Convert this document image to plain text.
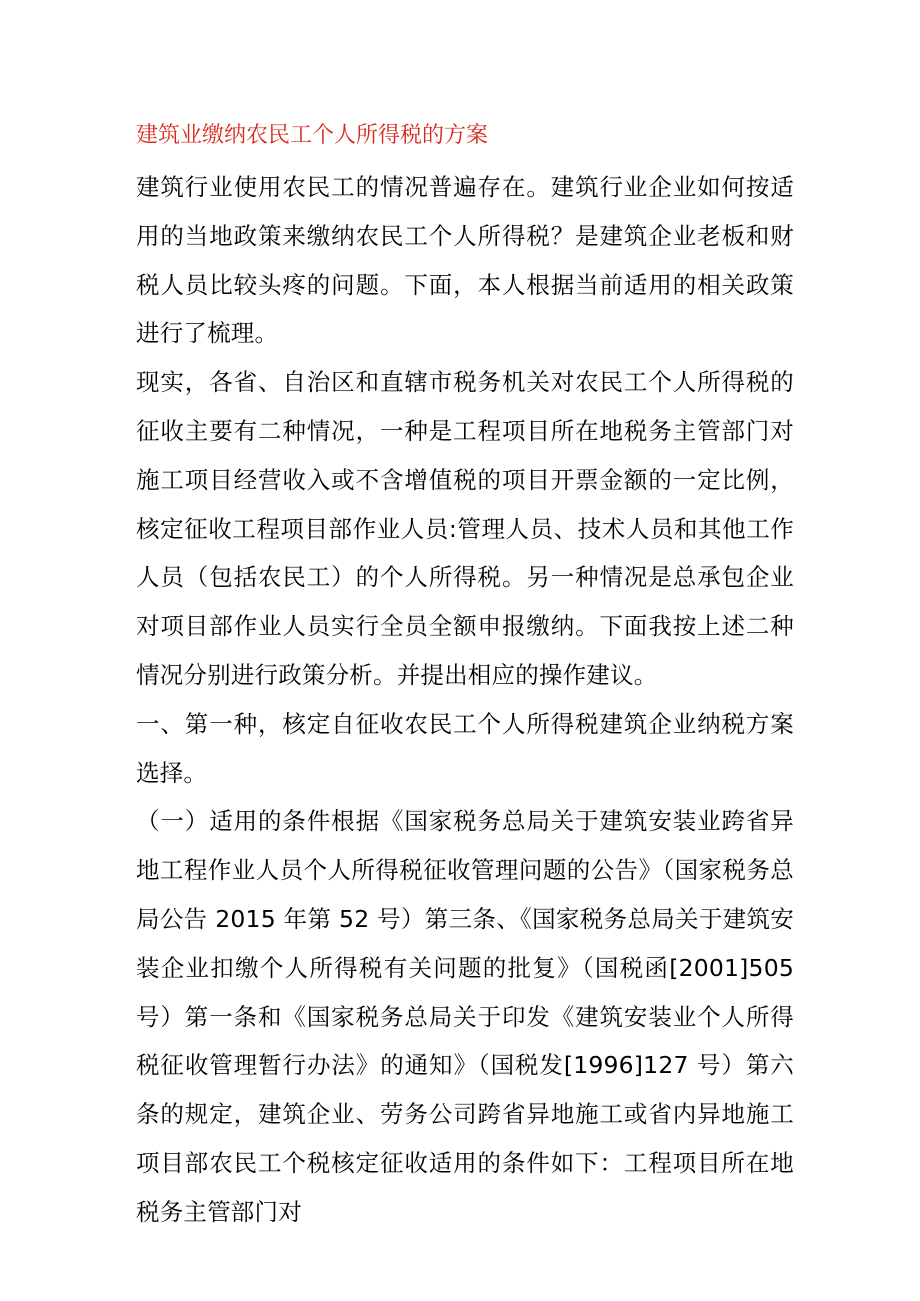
建筑业缴纳农民工个人所得税的方案

建筑行业使用农民工的情况普遍存在。建筑行业企业如何按适用的当地政策来缴纳农民工个人所得税？是建筑企业老板和财税人员比较头疼的问题。下面，本人根据当前适用的相关政策进行了梳理。

现实，各省、自治区和直辖市税务机关对农民工个人所得税的征收主要有二种情况，一种是工程项目所在地税务主管部门对施工项目经营收入或不含增值税的项目开票金额的一定比例，核定征收工程项目部作业人员:管理人员、技术人员和其他工作人员（包括农民工）的个人所得税。另一种情况是总承包企业对项目部作业人员实行全员全额申报缴纳。下面我按上述二种情况分别进行政策分析。并提出相应的操作建议。

一、第一种，核定自征收农民工个人所得税建筑企业纳税方案选择。

（一）适用的条件根据《国家税务总局关于建筑安装业跨省异地工程作业人员个人所得税征收管理问题的公告》（国家税务总局公告 2015 年第 52 号）第三条、《国家税务总局关于建筑安装企业扣缴个人所得税有关问题的批复》（国税函[2001]505 号）第一条和《国家税务总局关于印发《建筑安装业个人所得税征收管理暂行办法》的通知》（国税发[1996]127 号）第六条的规定，建筑企业、劳务公司跨省异地施工或省内异地施工项目部农民工个税核定征收适用的条件如下：工程项目所在地税务主管部门对
